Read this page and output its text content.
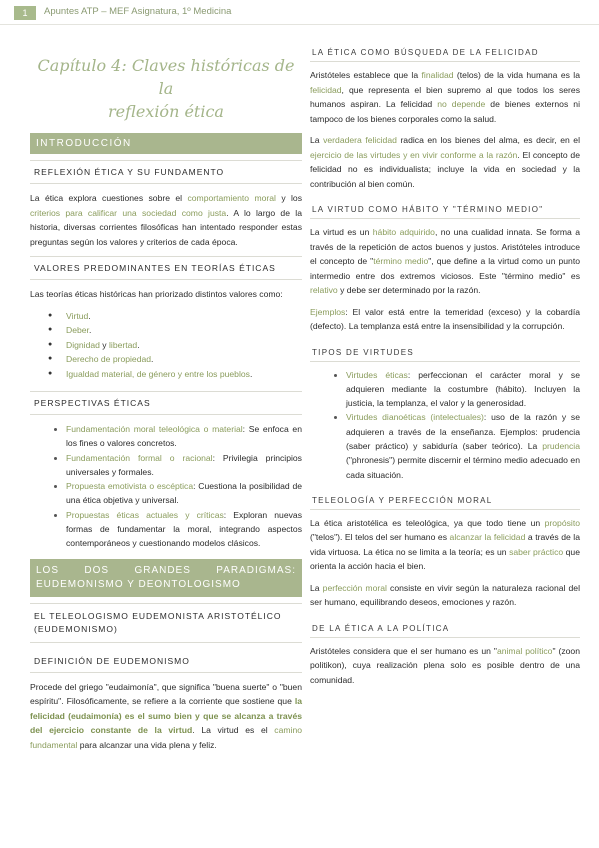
1	Apuntes ATP – MEF Asignatura, 1º Medicina
Capítulo 4: Claves históricas de la
reflexión ética
INTRODUCCIÓN
REFLEXIÓN ÉTICA Y SU FUNDAMENTO

La ética explora cuestiones sobre el comportamiento moral y los criterios para calificar una sociedad como justa. A lo largo de la historia, diversas corrientes filosóficas han intentado responder estas preguntas según los valores y criterios de cada época.

VALORES PREDOMINANTES EN TEORÍAS ÉTICAS

Las teorías éticas históricas han priorizado distintos valores como:

● Virtud.
● Deber.
● Dignidad y libertad.
● Derecho de propiedad.
● Igualdad material, de género y entre los pueblos.
PERSPECTIVAS ÉTICAS
• Fundamentación moral teleológica o material: Se enfoca en los fines o valores concretos.
• Fundamentación formal o racional: Privilegia principios universales y formales.
• Propuesta emotivista o escéptica: Cuestiona la posibilidad de una ética objetiva y universal.
• Propuestas éticas actuales y críticas: Exploran nuevas formas de fundamentar la moral, integrando aspectos contemporáneos y cuestionando modelos clásicos.
LOS DOS GRANDES PARADIGMAS:
EUDEMONISMO Y DEONTOLOGISMO
EL TELEOLOGISMO EUDEMONISTA ARISTOTÉLICO
(EUDEMONISMO)
DEFINICIÓN DE EUDEMONISMO

Procede del griego "eudaimonía", que significa "buena suerte" o "buen espíritu". Filosóficamente, se refiere a la corriente que sostiene que la felicidad (eudaimonía) es el sumo bien y que se alcanza a través del ejercicio constante de la virtud. La virtud es el camino fundamental para alcanzar una vida plena y feliz.

LA ÉTICA COMO BÚSQUEDA DE LA FELICIDAD

Aristóteles establece que la finalidad (telos) de la vida humana es la felicidad, que representa el bien supremo al que todos los seres humanos aspiran. La felicidad no depende de bienes externos ni tampoco de los bienes corporales como la salud.

La verdadera felicidad radica en los bienes del alma, es decir, en el ejercicio de las virtudes y en vivir conforme a la razón. El concepto de felicidad no es individualista; incluye la vida en sociedad y la contribución al bien común.

LA VIRTUD COMO HÁBITO Y "TÉRMINO MEDIO"

La virtud es un hábito adquirido, no una cualidad innata. Se forma a través de la repetición de actos buenos y justos. Aristóteles introduce el concepto de "término medio", que define a la virtud como un punto intermedio entre dos extremos viciosos. Este "término medio" es relativo y debe ser determinado por la razón.

Ejemplos: El valor está entre la temeridad (exceso) y la cobardía (defecto). La templanza está entre la insensibilidad y la corrupción.

TIPOS DE VIRTUDES
• Virtudes éticas: perfeccionan el carácter moral y se adquieren mediante la costumbre (hábito). Incluyen la justicia, la templanza, el valor y la generosidad.
• Virtudes dianoéticas (intelectuales): uso de la razón y se adquieren a través de la enseñanza. Ejemplos: prudencia (saber práctico) y sabiduría (saber teórico). La prudencia ("phronesis") permite discernir el término medio adecuado en cada situación.
TELEOLOGÍA Y PERFECCIÓN MORAL

La ética aristotélica es teleológica, ya que todo tiene un propósito ("telos"). El telos del ser humano es alcanzar la felicidad a través de la vida virtuosa. La ética no se limita a la teoría; es un saber práctico que orienta la acción hacia el bien.

La perfección moral consiste en vivir según la naturaleza racional del ser humano, equilibrando deseos, emociones y razón.

DE LA ÉTICA A LA POLÍTICA

Aristóteles considera que el ser humano es un "animal político" (zoon politikon), cuya realización plena solo es posible dentro de una comunidad.
